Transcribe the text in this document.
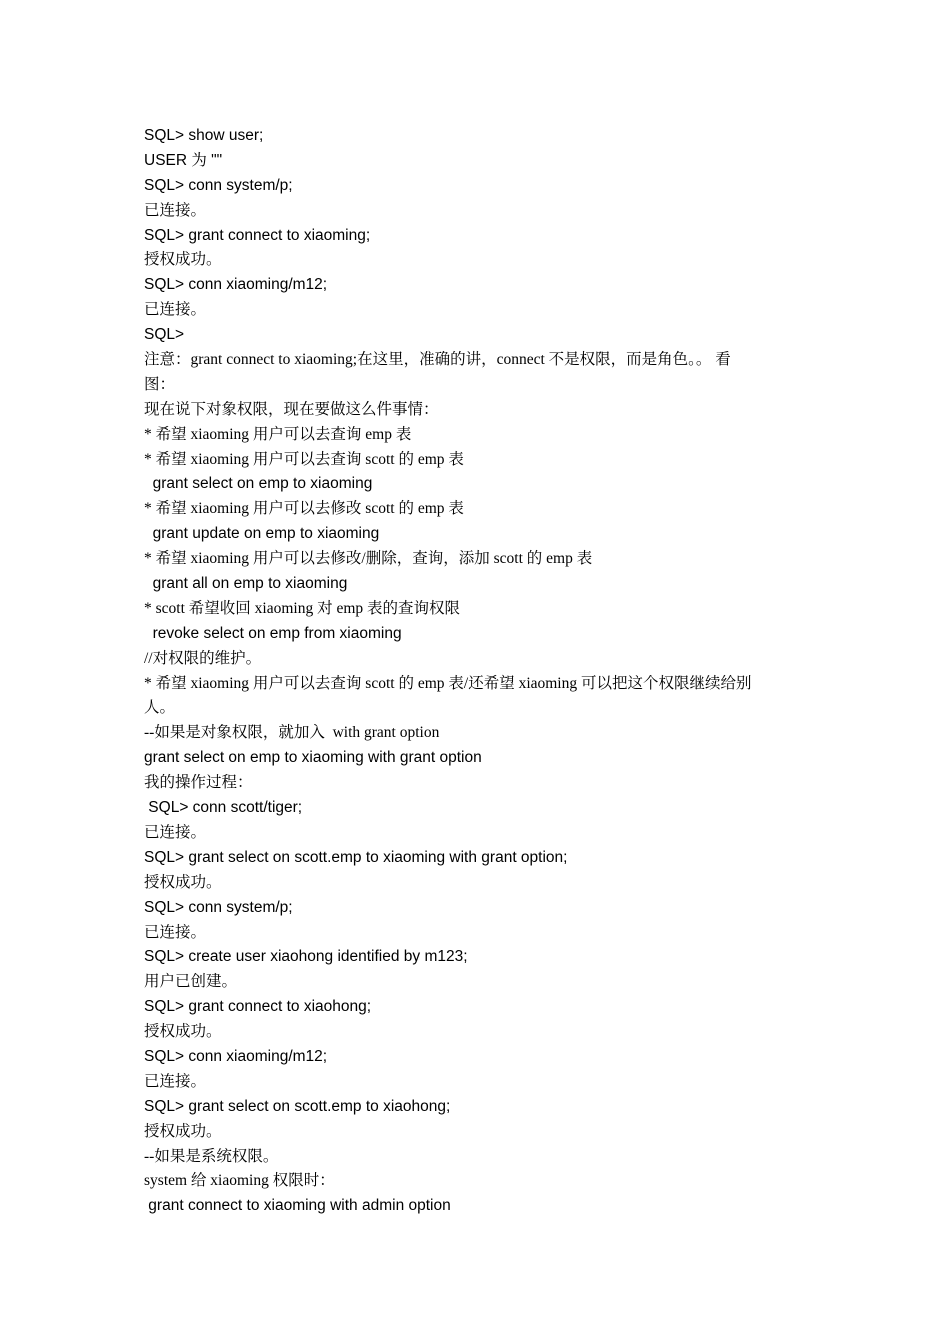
SQL> show user;
USER 为 ""
SQL> conn system/p;
已连接。
SQL> grant connect to xiaoming;
授权成功。
SQL> conn xiaoming/m12;
已连接。
SQL>
注意：grant connect to xiaoming;在这里，准确的讲，connect 不是权限，而是角色。。 看
图：
现在说下对象权限，现在要做这么件事情：
* 希望 xiaoming 用户可以去查询 emp 表
* 希望 xiaoming 用户可以去查询 scott 的 emp 表
grant select on emp to xiaoming
* 希望 xiaoming 用户可以去修改 scott 的 emp 表
grant update on emp to xiaoming
* 希望 xiaoming 用户可以去修改/删除，查询，添加 scott 的 emp 表
grant all on emp to xiaoming
* scott 希望收回 xiaoming 对 emp 表的查询权限
revoke select on emp from xiaoming
//对权限的维护。
* 希望 xiaoming 用户可以去查询 scott 的 emp 表/还希望 xiaoming 可以把这个权限继续给别
人。
--如果是对象权限，就加入  with grant option
grant select on emp to xiaoming with grant option
我的操作过程：
SQL> conn scott/tiger;
已连接。
SQL> grant select on scott.emp to xiaoming with grant option;
授权成功。
SQL> conn system/p;
已连接。
SQL> create user xiaohong identified by m123;
用户已创建。
SQL> grant connect to xiaohong;
授权成功。
SQL> conn xiaoming/m12;
已连接。
SQL> grant select on scott.emp to xiaohong;
授权成功。
--如果是系统权限。
system 给 xiaoming 权限时：
grant connect to xiaoming with admin option
